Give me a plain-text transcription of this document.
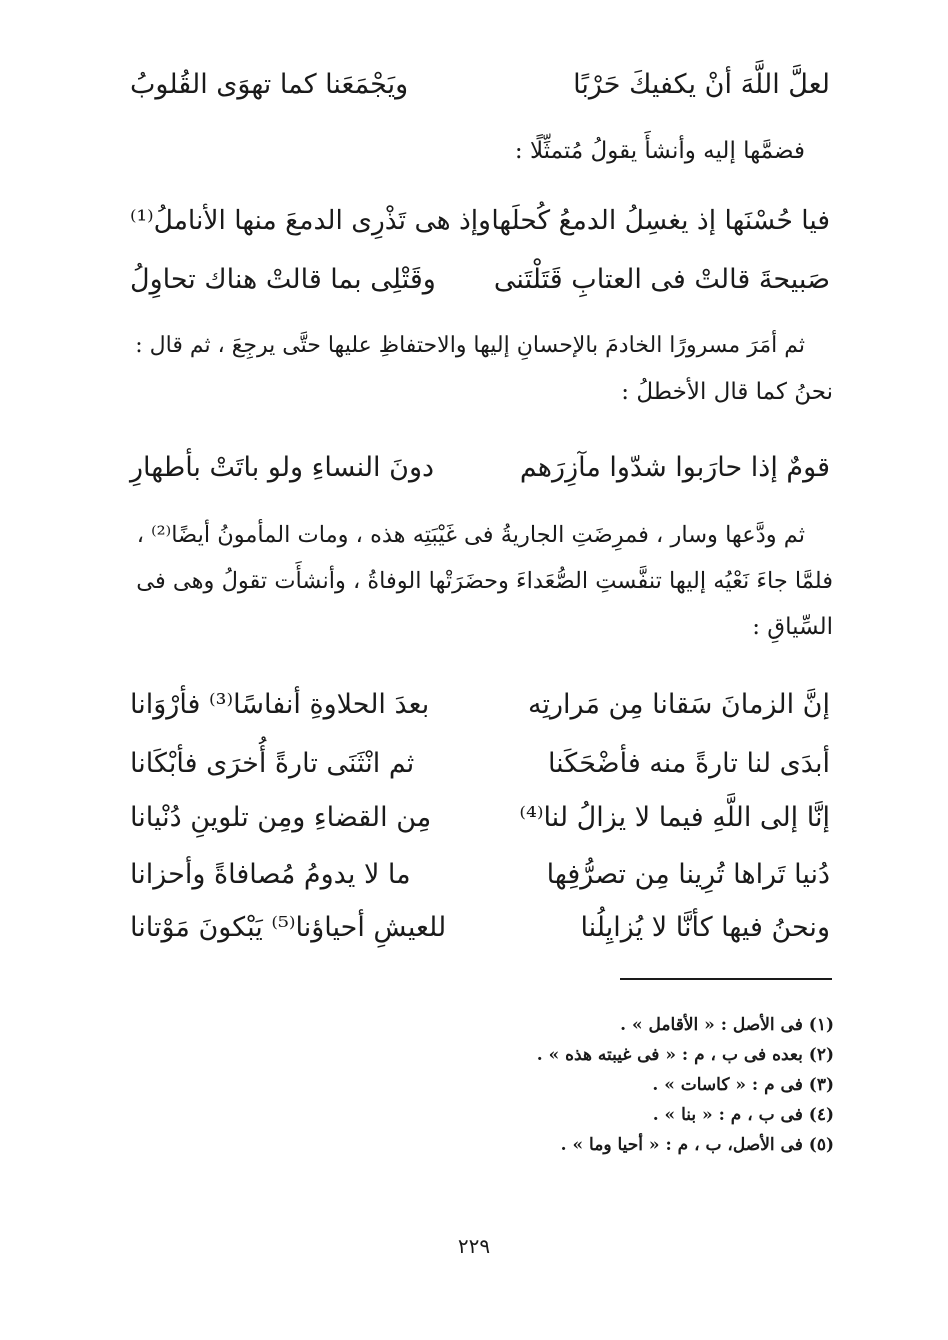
لعلَّ اللَّهَ أنْ يكفيكَ حَرْبًا
ويَجْمَعَنا كما تهوَى القُلوبُ
فضمَّها إليه وأنشأَ يقولُ مُتمثِّلًا :
فيا حُسْنَها إذ يغسِلُ الدمعُ كُحلَها
وإذ هى تَذْرِى الدمعَ منها الأناملُ⁽¹⁾
صَبيحةَ قالتْ فى العتابِ قَتَلْتَنى
وقَتْلِى بما قالتْ هناك تحاوِلُ
ثم أمَرَ مسرورًا الخادمَ بالإحسانِ إليها والاحتفاظِ عليها حتَّى يرجِعَ ، ثم قال :
نحنُ كما قال الأخطلُ :
قومٌ إذا حارَبوا شدّوا مآزِرَهم
دونَ النساءِ ولو باتَتْ بأطهارِ
ثم ودَّعها وسار ، فمرِضَتِ الجاريةُ فى غَيْبَتِه هذه ، ومات المأمونُ أيضًا⁽²⁾ ،
فلمَّا جاءَ نَعْيُه إليها تنفَّستِ الصُّعَداءَ وحضَرَتْها الوفاةُ ، وأنشأَت تقولُ وهى فى
السِّياقِ :
إنَّ الزمانَ سَقانا مِن مَرارتِه
بعدَ الحلاوةِ أنفاسًا⁽³⁾ فأرْوَانا
أبدَى لنا تارةً منه فأضْحَكَنا
ثم انْثَنَى تارةً أُخرَى فأبْكَانا
إنَّا إلى اللَّهِ فيما لا يزالُ لنا⁽⁴⁾
مِن القضاءِ ومِن تلوينِ دُنْيانا
دُنيا تَراها تُرِينا مِن تصرُّفِها
ما لا يدومُ مُصافاةً وأحزانا
ونحنُ فيها كأنَّا لا يُزايِلُنا
للعيشِ أحياؤنا⁽⁵⁾ يَبْكونَ مَوْتانا
(١) فى الأصل : « الأقامل » .
(٢) بعده فى ب ، م : « فى غيبته هذه » .
(٣) فى م : « كاسات » .
(٤) فى ب ، م : « بنا » .
(٥) فى الأصل، ب ، م : « أحيا وما » .
٢٢٩
